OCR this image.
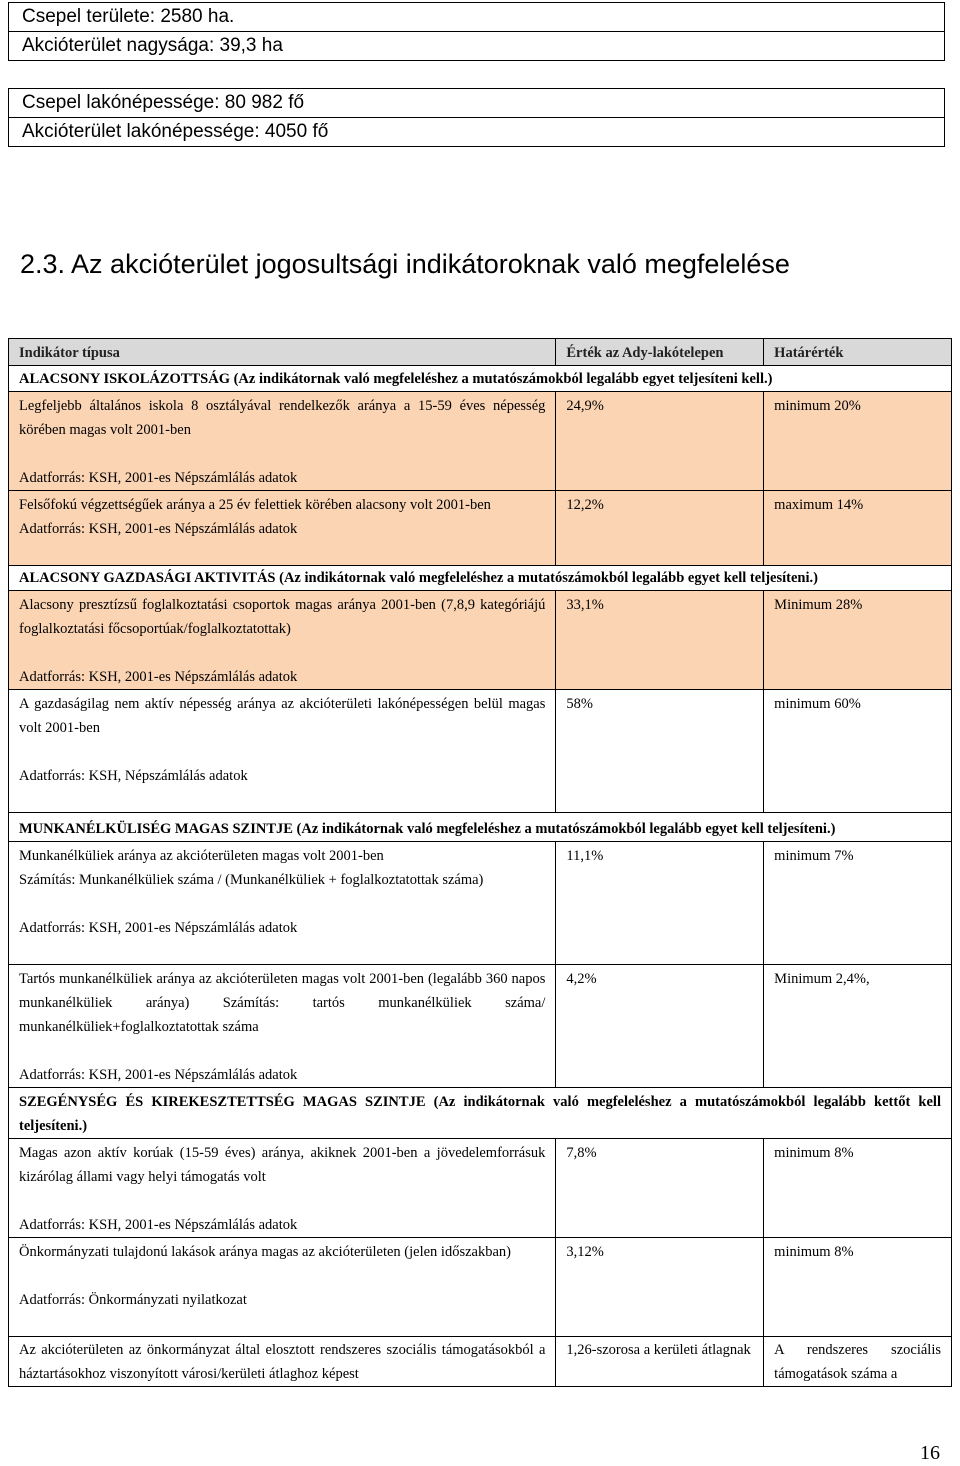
Csepel területe: 2580 ha.
Akcióterület nagysága: 39,3 ha
Csepel lakónépessége: 80 982 fő
Akcióterület lakónépessége: 4050 fő
2.3. Az akcióterület jogosultsági indikátoroknak való megfelelése
Indikátor típusa	Érték az Ady-lakótelepen	Határérték
ALACSONY ISKOLÁZOTTSÁG (Az indikátornak való megfeleléshez a mutatószámokból legalább egyet teljesíteni kell.)		
Legfeljebb általános iskola 8 osztályával rendelkezők aránya a 15-59 éves népesség körében magas volt 2001-ben
Adatforrás: KSH, 2001-es Népszámlálás adatok	24,9%	minimum 20%
Felsőfokú végzettségűek aránya a 25 év felettiek körében alacsony volt 2001-ben
Adatforrás: KSH, 2001-es Népszámlálás adatok	12,2%	maximum 14%
ALACSONY GAZDASÁGI AKTIVITÁS (Az indikátornak való megfeleléshez a mutatószámokból legalább egyet kell teljesíteni.)		
Alacsony presztízsű foglalkoztatási csoportok magas aránya 2001-ben (7,8,9 kategóriájú foglalkoztatási főcsoportúak/foglalkoztatottak)
Adatforrás: KSH, 2001-es Népszámlálás adatok	33,1%	Minimum 28%
A gazdaságilag nem aktív népesség aránya az akcióterületi lakónépességen belül magas volt 2001-ben
Adatforrás: KSH, Népszámlálás adatok	58%	minimum 60%
MUNKANÉLKÜLISÉG MAGAS SZINTJE (Az indikátornak való megfeleléshez a mutatószámokból legalább egyet kell teljesíteni.)		

Munkanélküliek aránya az akcióterületen magas volt 2001-ben
Számítás: Munkanélküliek száma / (Munkanélküliek + foglalkoztatottak száma)
Adatforrás: KSH, 2001-es Népszámlálás adatok	11,1%	minimum 7%
Tartós munkanélküliek aránya az akcióterületen magas volt 2001-ben (legalább 360 napos munkanélküliek aránya) Számítás: tartós munkanélküliek száma/ munkanélküliek+foglalkoztatottak száma
Adatforrás: KSH, 2001-es Népszámlálás adatok	4,2%	Minimum 2,4%,
SZEGÉNYSÉG ÉS KIREKESZTETTSÉG MAGAS SZINTJE (Az indikátornak való megfeleléshez a mutatószámokból legalább kettőt kell teljesíteni.)		
Magas azon aktív korúak (15-59 éves) aránya, akiknek 2001-ben a jövedelemforrásuk kizárólag állami vagy helyi támogatás volt
Adatforrás: KSH, 2001-es Népszámlálás adatok	7,8%	minimum 8%
Önkormányzati tulajdonú lakások aránya magas az akcióterületen (jelen időszakban)
Adatforrás: Önkormányzati nyilatkozat	3,12%	minimum 8%
Az akcióterületen az önkormányzat által elosztott rendszeres szociális támogatásokból a háztartásokhoz viszonyított városi/kerületi átlaghoz képest	1,26-szorosa a kerületi átlagnak	A rendszeres szociális támogatások száma a
16
